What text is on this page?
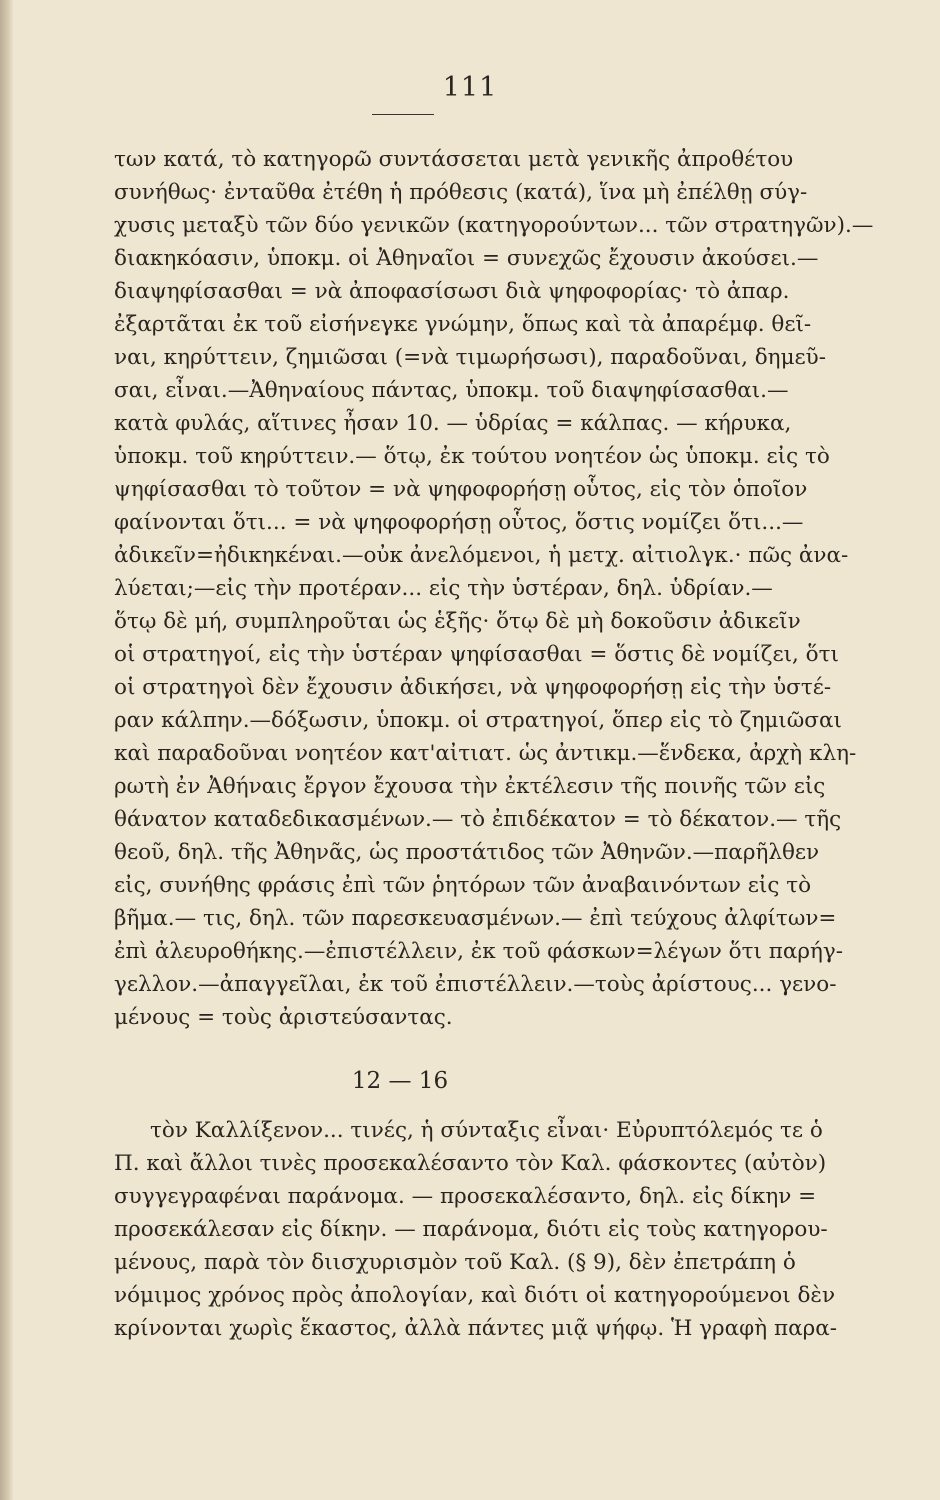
111
των κατά, τὸ κατηγορῶ συντάσσεται μετὰ γενικῆς ἀπροθέτου
συνήθως· ἐνταῦθα ἐτέθη ἡ πρόθεσις (κατά), ἵνα μὴ ἐπέλθῃ σύγ-
χυσις μεταξὺ τῶν δύο γενικῶν (κατηγορούντων... τῶν στρατηγῶν).—
διακηκόασιν, ὑποκμ. οἱ Ἀθηναῖοι = συνεχῶς ἔχουσιν ἀκούσει.—
διαψηφίσασθαι = νὰ ἀποφασίσωσι διὰ ψηφοφορίας· τὸ ἀπαρ.
ἐξαρτᾶται ἐκ τοῦ εἰσήνεγκε γνώμην, ὅπως καὶ τὰ ἀπαρέμφ. θεῖ-
ναι, κηρύττειν, ζημιῶσαι (=νὰ τιμωρήσωσι), παραδοῦναι, δημεῦ-
σαι, εἶναι.—Ἀθηναίους πάντας, ὑποκμ. τοῦ διαψηφίσασθαι.—
κατὰ φυλάς, αἵτινες ἦσαν 10. — ὑδρίας = κάλπας. — κήρυκα,
ὑποκμ. τοῦ κηρύττειν.— ὅτῳ, ἐκ τούτου νοητέον ὡς ὑποκμ. εἰς τὸ
ψηφίσασθαι τὸ τοῦτον = νὰ ψηφοφορήσῃ οὗτος, εἰς τὸν ὁποῖον
φαίνονται ὅτι... = νὰ ψηφοφορήσῃ οὗτος, ὅστις νομίζει ὅτι...—
ἀδικεῖν=ἠδικηκέναι.—οὐκ ἀνελόμενοι, ἡ μετχ. αἰτιολγκ.· πῶς ἀνα-
λύεται;—εἰς τὴν προτέραν... εἰς τὴν ὑστέραν, δηλ. ὑδρίαν.—
ὅτῳ δὲ μή, συμπληροῦται ὡς ἑξῆς· ὅτῳ δὲ μὴ δοκοῦσιν ἀδικεῖν
οἱ στρατηγοί, εἰς τὴν ὑστέραν ψηφίσασθαι = ὅστις δὲ νομίζει, ὅτι
οἱ στρατηγοὶ δὲν ἔχουσιν ἀδικήσει, νὰ ψηφοφορήσῃ εἰς τὴν ὑστέ-
ραν κάλπην.—δόξωσιν, ὑποκμ. οἱ στρατηγοί, ὅπερ εἰς τὸ ζημιῶσαι
καὶ παραδοῦναι νοητέον κατ'αἰτιατ. ὡς ἀντικμ.—ἕνδεκα, ἀρχὴ κλη-
ρωτὴ ἐν Ἀθήναις ἔργον ἔχουσα τὴν ἐκτέλεσιν τῆς ποινῆς τῶν εἰς
θάνατον καταδεδικασμένων.— τὸ ἐπιδέκατον = τὸ δέκατον.— τῆς
θεοῦ, δηλ. τῆς Ἀθηνᾶς, ὡς προστάτιδος τῶν Ἀθηνῶν.—παρῆλθεν
εἰς, συνήθης φράσις ἐπὶ τῶν ῥητόρων τῶν ἀναβαινόντων εἰς τὸ
βῆμα.— τις, δηλ. τῶν παρεσκευασμένων.— ἐπὶ τεύχους ἀλφίτων=
ἐπὶ ἀλευροθήκης.—ἐπιστέλλειν, ἐκ τοῦ φάσκων=λέγων ὅτι παρήγ-
γελλον.—ἀπαγγεῖλαι, ἐκ τοῦ ἐπιστέλλειν.—τοὺς ἀρίστους... γενο-
μένους = τοὺς ἀριστεύσαντας.
12 — 16
τὸν Καλλίξενον... τινές, ἡ σύνταξις εἶναι· Εὐρυπτόλεμός τε ὁ
Π. καὶ ἄλλοι τινὲς προσεκαλέσαντο τὸν Καλ. φάσκοντες (αὐτὸν)
συγγεγραφέναι παράνομα. — προσεκαλέσαντο, δηλ. εἰς δίκην =
προσεκάλεσαν εἰς δίκην. — παράνομα, διότι εἰς τοὺς κατηγορου-
μένους, παρὰ τὸν διισχυρισμὸν τοῦ Καλ. (§ 9), δὲν ἐπετράπη ὁ
νόμιμος χρόνος πρὸς ἀπολογίαν, καὶ διότι οἱ κατηγορούμενοι δὲν
κρίνονται χωρὶς ἕκαστος, ἀλλὰ πάντες μιᾷ ψήφῳ. Ἡ γραφὴ παρα-
